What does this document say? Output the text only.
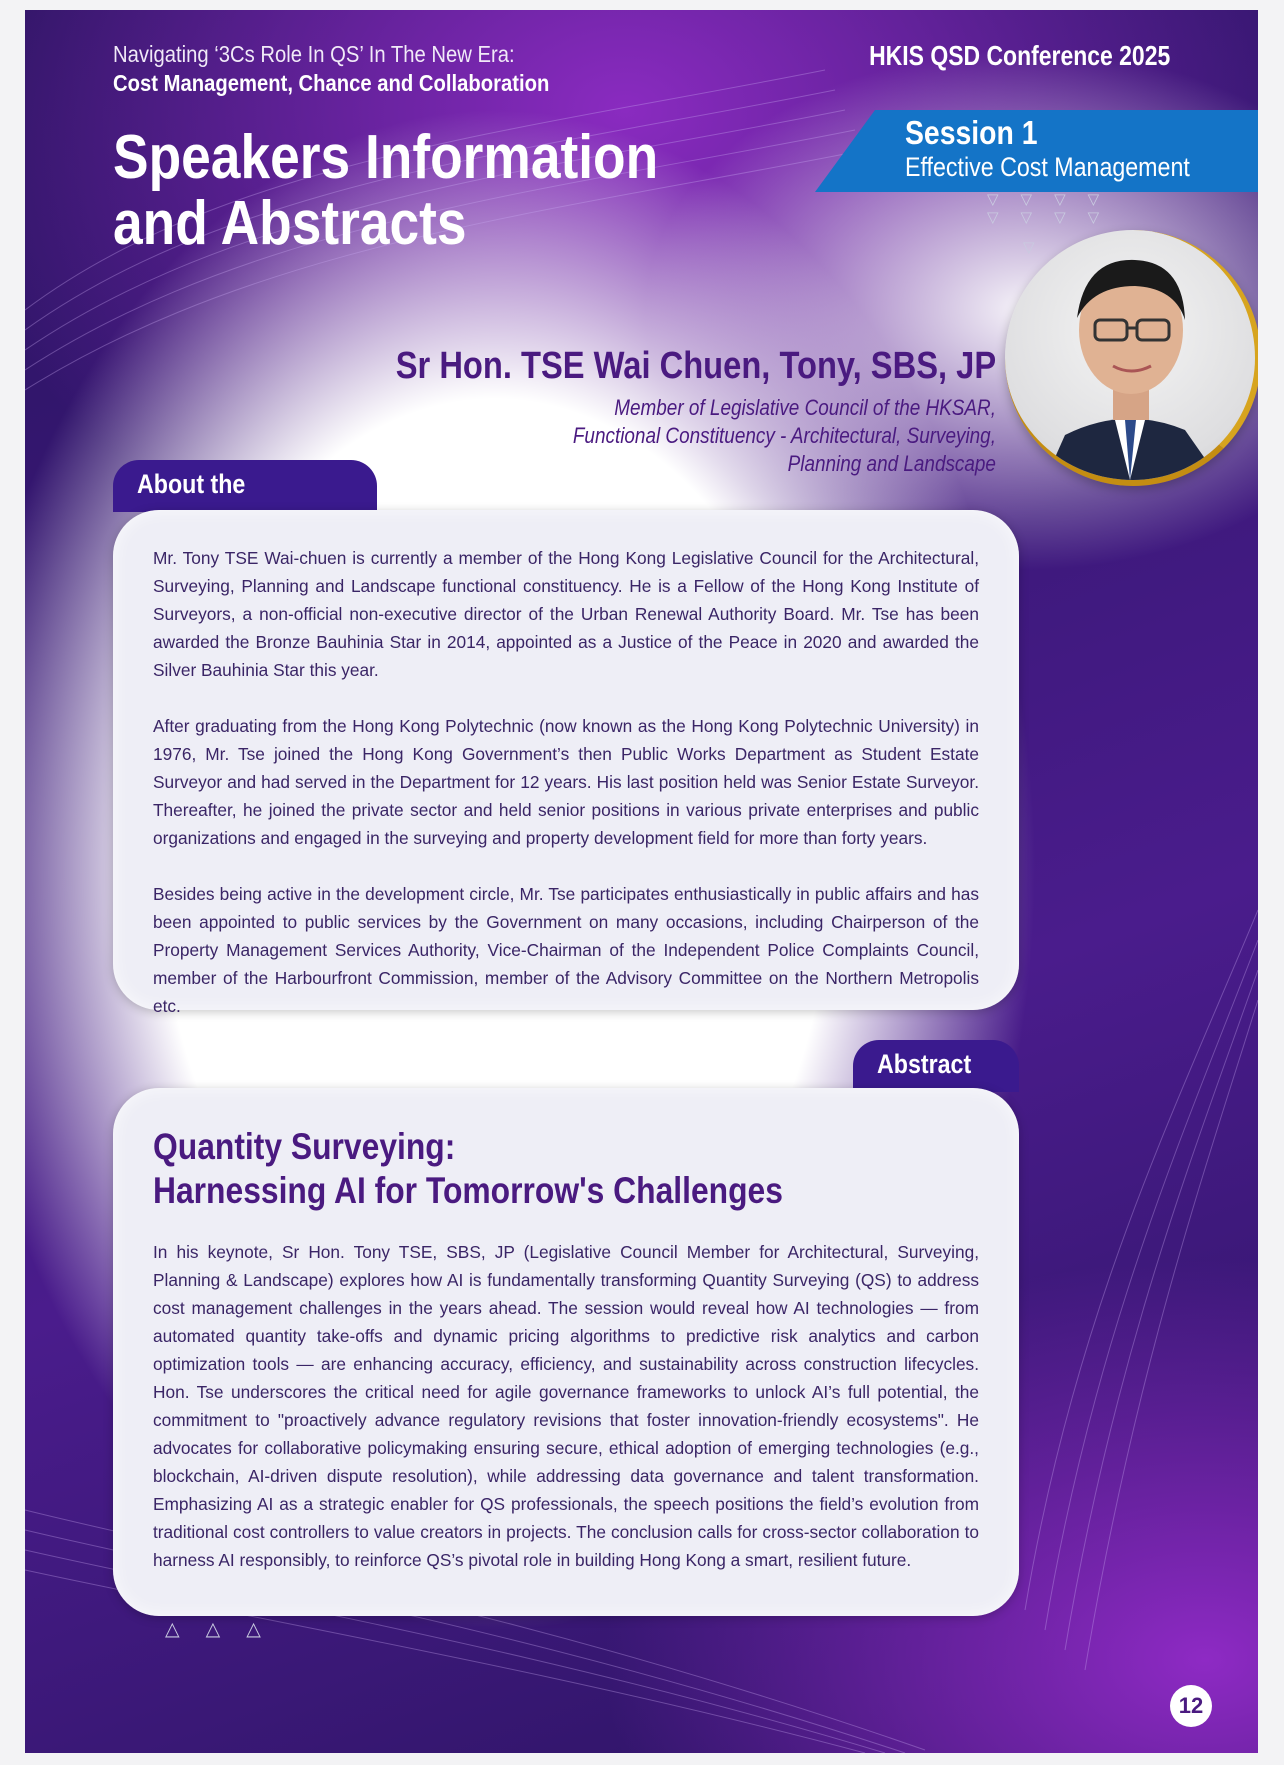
Navigating ‘3Cs Role In QS’ In The New Era:
Cost Management, Chance and Collaboration
HKIS QSD Conference 2025
Speakers Information
and Abstracts
Session 1
Effective Cost Management
▽▽▽▽
▽▽▽▽
▽
Sr Hon. TSE Wai Chuen, Tony, SBS, JP
Member of Legislative Council of the HKSAR,
Functional Constituency - Architectural, Surveying,
Planning and Landscape
About the

Mr. Tony TSE Wai-chuen is currently a member of the Hong Kong Legislative Council for the Architectural, Surveying, Planning and Landscape functional constituency. He is a Fellow of the Hong Kong Institute of Surveyors, a non-official non-executive director of the Urban Renewal Authority Board. Mr. Tse has been awarded the Bronze Bauhinia Star in 2014, appointed as a Justice of the Peace in 2020 and awarded the Silver Bauhinia Star this year.

After graduating from the Hong Kong Polytechnic (now known as the Hong Kong Polytechnic University) in 1976, Mr. Tse joined the Hong Kong Government’s then Public Works Department as Student Estate Surveyor and had served in the Department for 12 years. His last position held was Senior Estate Surveyor. Thereafter, he joined the private sector and held senior positions in various private enterprises and public organizations and engaged in the surveying and property development field for more than forty years.

Besides being active in the development circle, Mr. Tse participates enthusiastically in public affairs and has been appointed to public services by the Government on many occasions, including Chairperson of the Property Management Services Authority, Vice-Chairman of the Independent Police Complaints Council, member of the Harbourfront Commission, member of the Advisory Committee on the Northern Metropolis etc.

Abstract

In his keynote, Sr Hon. Tony TSE, SBS, JP (Legislative Council Member for Architectural, Surveying, Planning & Landscape) explores how AI is fundamentally transforming Quantity Surveying (QS) to address cost management challenges in the years ahead. The session would reveal how AI technologies — from automated quantity take-offs and dynamic pricing algorithms to predictive risk analytics and carbon optimization tools — are enhancing accuracy, efficiency, and sustainability across construction lifecycles. Hon. Tse underscores the critical need for agile governance frameworks to unlock AI’s full potential, the commitment to "proactively advance regulatory revisions that foster innovation-friendly ecosystems". He advocates for collaborative policymaking ensuring secure, ethical adoption of emerging technologies (e.g., blockchain, AI-driven dispute resolution), while addressing data governance and talent transformation. Emphasizing AI as a strategic enabler for QS professionals, the speech positions the field’s evolution from traditional cost controllers to value creators in projects. The conclusion calls for cross-sector collaboration to harness AI responsibly, to reinforce QS’s pivotal role in building Hong Kong a smart, resilient future.

Quantity Surveying:
Harnessing AI for Tomorrow's Challenges
△△△
12
